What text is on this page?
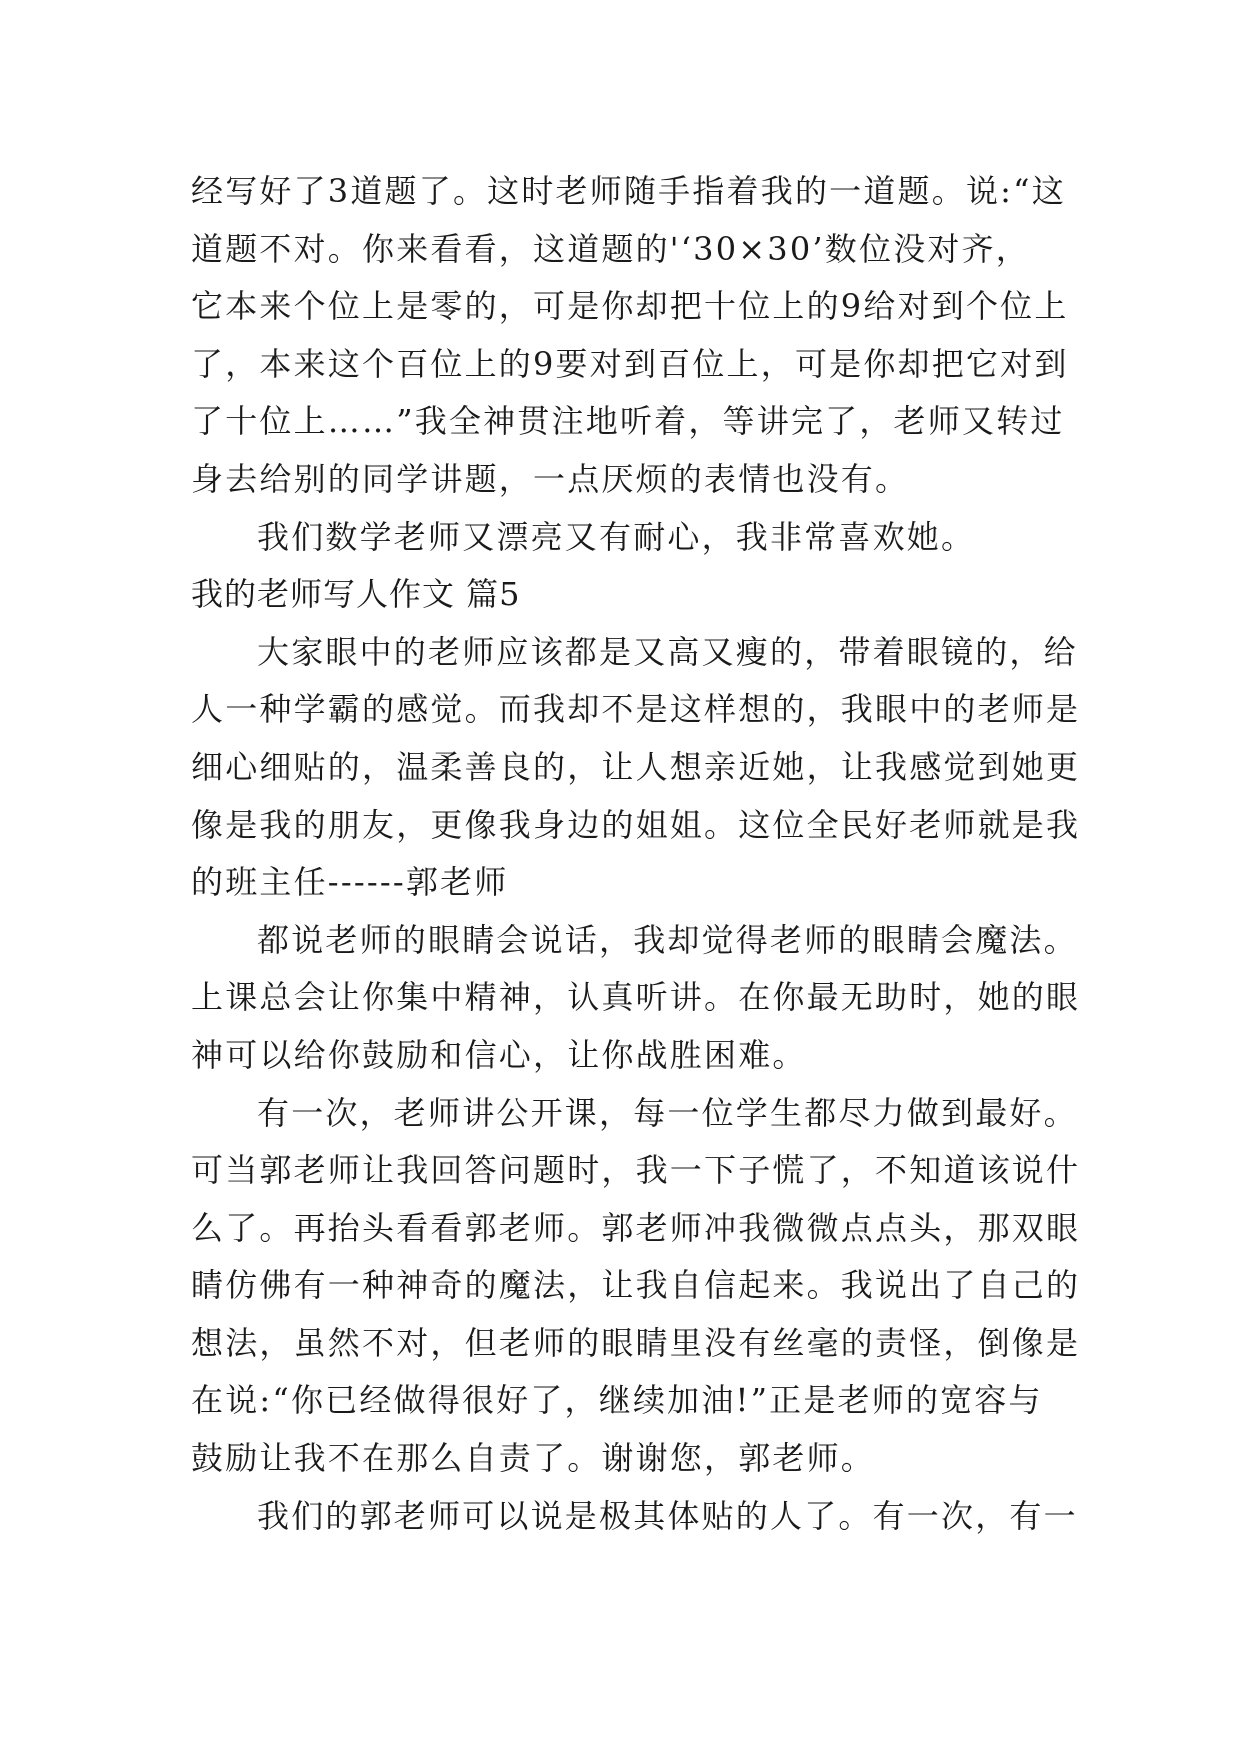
经写好了3道题了。这时老师随手指着我的一道题。说:“这
道题不对。你来看看，这道题的'‘30×30’数位没对齐，
它本来个位上是零的，可是你却把十位上的9给对到个位上
了，本来这个百位上的9要对到百位上，可是你却把它对到
了十位上……”我全神贯注地听着，等讲完了，老师又转过
身去给别的同学讲题，一点厌烦的表情也没有。
我们数学老师又漂亮又有耐心，我非常喜欢她。
我的老师写人作文 篇5
大家眼中的老师应该都是又高又瘦的，带着眼镜的，给
人一种学霸的感觉。而我却不是这样想的，我眼中的老师是
细心细贴的，温柔善良的，让人想亲近她，让我感觉到她更
像是我的朋友，更像我身边的姐姐。这位全民好老师就是我
的班主任------郭老师
都说老师的眼睛会说话，我却觉得老师的眼睛会魔法。
上课总会让你集中精神，认真听讲。在你最无助时，她的眼
神可以给你鼓励和信心，让你战胜困难。
有一次，老师讲公开课，每一位学生都尽力做到最好。
可当郭老师让我回答问题时，我一下子慌了，不知道该说什
么了。再抬头看看郭老师。郭老师冲我微微点点头，那双眼
睛仿佛有一种神奇的魔法，让我自信起来。我说出了自己的
想法，虽然不对，但老师的眼睛里没有丝毫的责怪，倒像是
在说:“你已经做得很好了，继续加油!”正是老师的宽容与
鼓励让我不在那么自责了。谢谢您，郭老师。
我们的郭老师可以说是极其体贴的人了。有一次，有一
